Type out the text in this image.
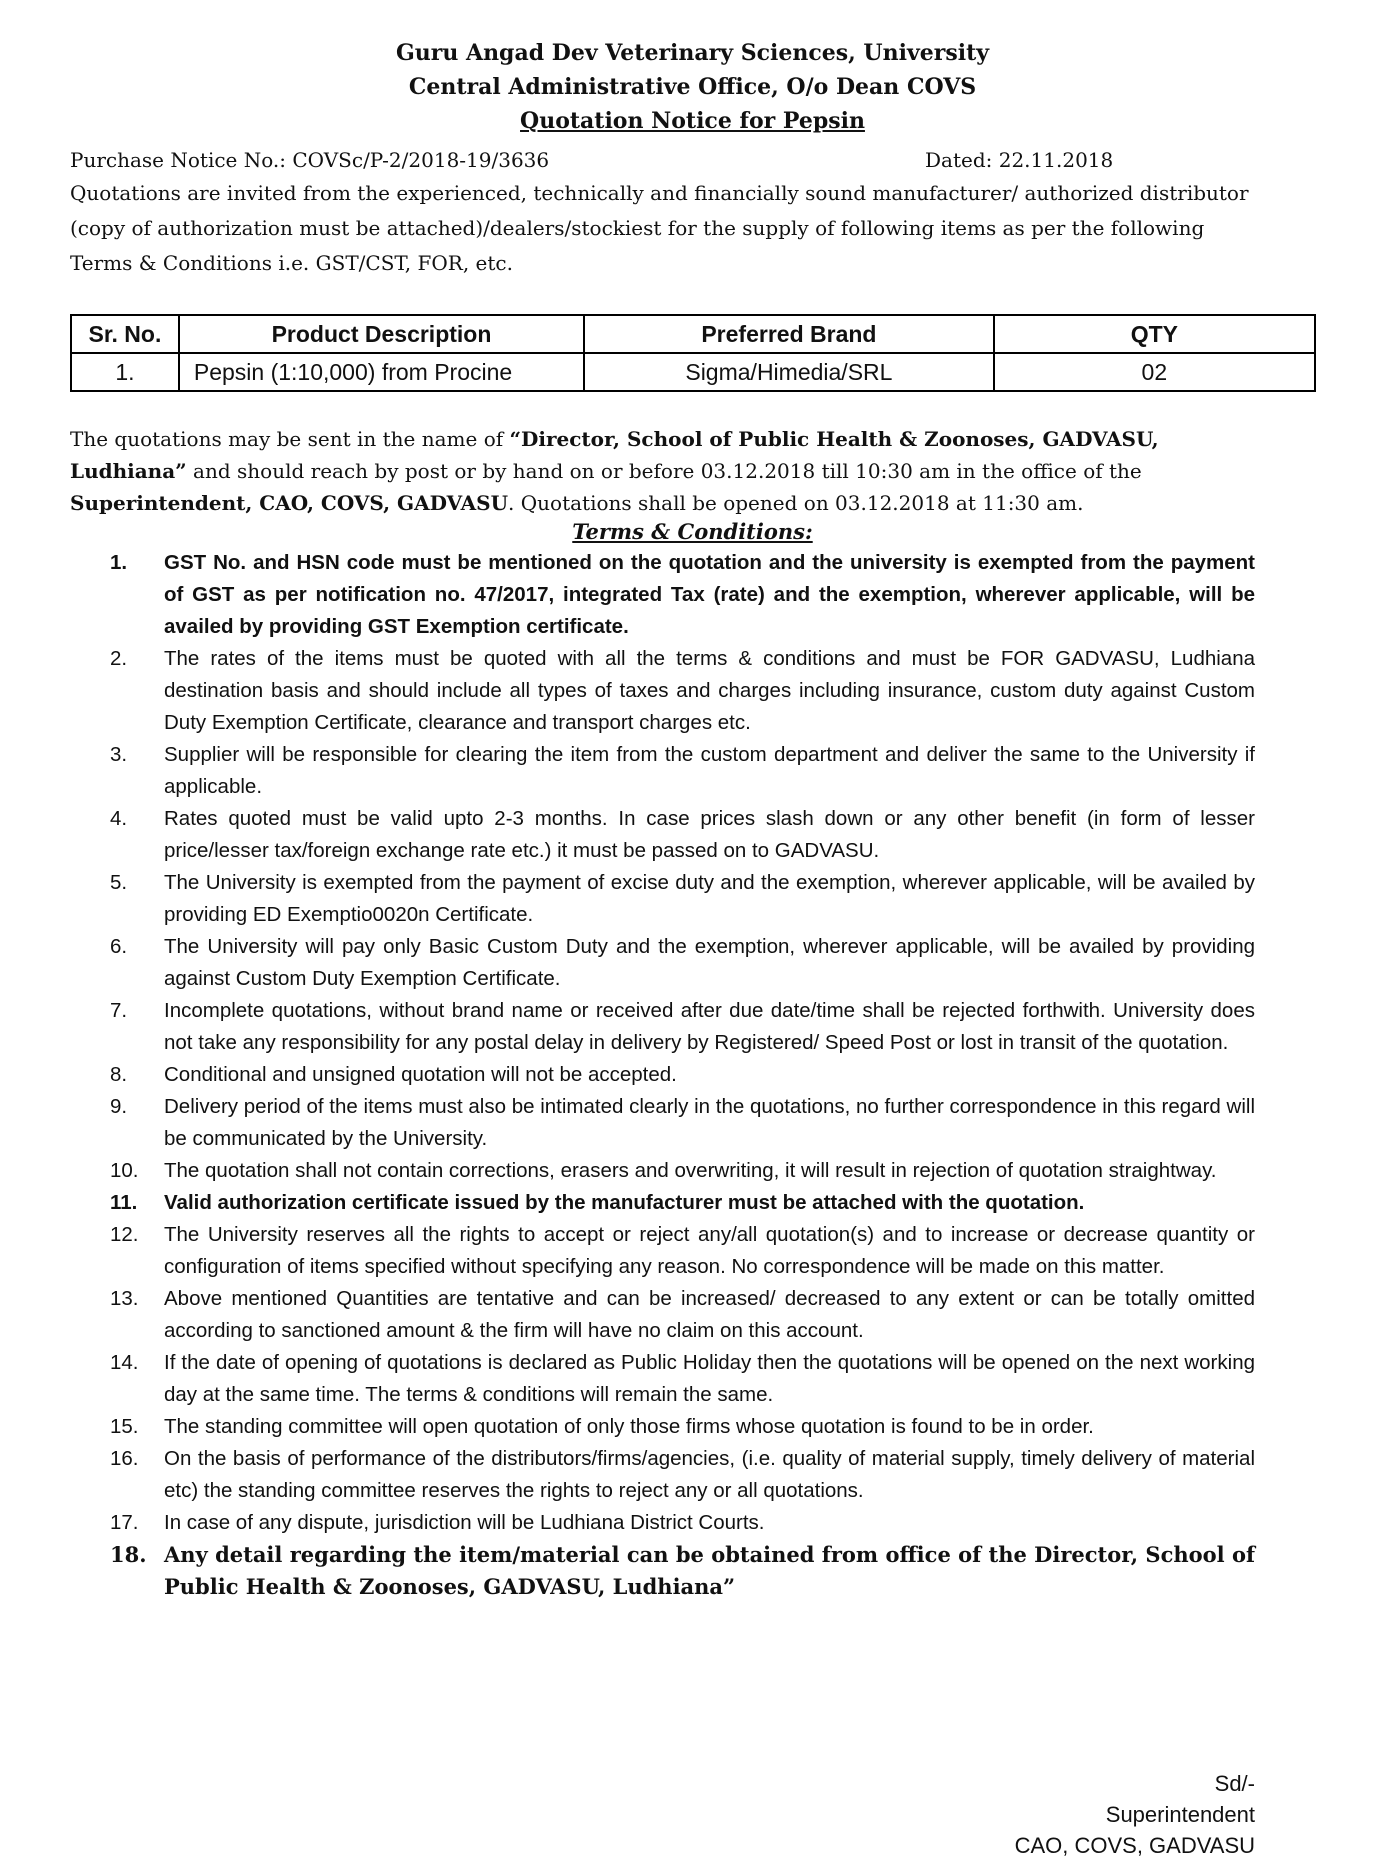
Guru Angad Dev Veterinary Sciences, University
Central Administrative Office, O/o Dean COVS
Quotation Notice for Pepsin
Purchase Notice No.: COVSc/P-2/2018-19/3636	Dated: 22.11.2018
Quotations are invited from the experienced, technically and financially sound manufacturer/ authorized distributor (copy of authorization must be attached)/dealers/stockiest for the supply of following items as per the following Terms & Conditions i.e. GST/CST, FOR, etc.
Sr. No.	Product Description	Preferred Brand	QTY
1.	Pepsin (1:10,000) from Procine	Sigma/Himedia/SRL	02
The quotations may be sent in the name of “Director, School of Public Health & Zoonoses, GADVASU, Ludhiana” and should reach by post or by hand on or before 03.12.2018 till 10:30 am in the office of the Superintendent, CAO, COVS, GADVASU. Quotations shall be opened on 03.12.2018 at 11:30 am.
Terms & Conditions:
1. GST No. and HSN code must be mentioned on the quotation and the university is exempted from the payment of GST as per notification no. 47/2017, integrated Tax (rate) and the exemption, wherever applicable, will be availed by providing GST Exemption certificate.
2. The rates of the items must be quoted with all the terms & conditions and must be FOR GADVASU, Ludhiana destination basis and should include all types of taxes and charges including insurance, custom duty against Custom Duty Exemption Certificate, clearance and transport charges etc.
3. Supplier will be responsible for clearing the item from the custom department and deliver the same to the University if applicable.
4. Rates quoted must be valid upto 2-3 months. In case prices slash down or any other benefit (in form of lesser price/lesser tax/foreign exchange rate etc.) it must be passed on to GADVASU.
5. The University is exempted from the payment of excise duty and the exemption, wherever applicable, will be availed by providing ED Exemptio0020n Certificate.
6. The University will pay only Basic Custom Duty and the exemption, wherever applicable, will be availed by providing against Custom Duty Exemption Certificate.
7. Incomplete quotations, without brand name or received after due date/time shall be rejected forthwith. University does not take any responsibility for any postal delay in delivery by Registered/ Speed Post or lost in transit of the quotation.
8. Conditional and unsigned quotation will not be accepted.
9. Delivery period of the items must also be intimated clearly in the quotations, no further correspondence in this regard will be communicated by the University.
10. The quotation shall not contain corrections, erasers and overwriting, it will result in rejection of quotation straightway.
11. Valid authorization certificate issued by the manufacturer must be attached with the quotation.
12. The University reserves all the rights to accept or reject any/all quotation(s) and to increase or decrease quantity or configuration of items specified without specifying any reason. No correspondence will be made on this matter.
13. Above mentioned Quantities are tentative and can be increased/ decreased to any extent or can be totally omitted according to sanctioned amount & the firm will have no claim on this account.
14. If the date of opening of quotations is declared as Public Holiday then the quotations will be opened on the next working day at the same time. The terms & conditions will remain the same.
15. The standing committee will open quotation of only those firms whose quotation is found to be in order.
16. On the basis of performance of the distributors/firms/agencies, (i.e. quality of material supply, timely delivery of material etc) the standing committee reserves the rights to reject any or all quotations.
17. In case of any dispute, jurisdiction will be Ludhiana District Courts.
18. Any detail regarding the item/material can be obtained from office of the Director, School of Public Health & Zoonoses, GADVASU, Ludhiana”
Sd/-
Superintendent
CAO, COVS, GADVASU
